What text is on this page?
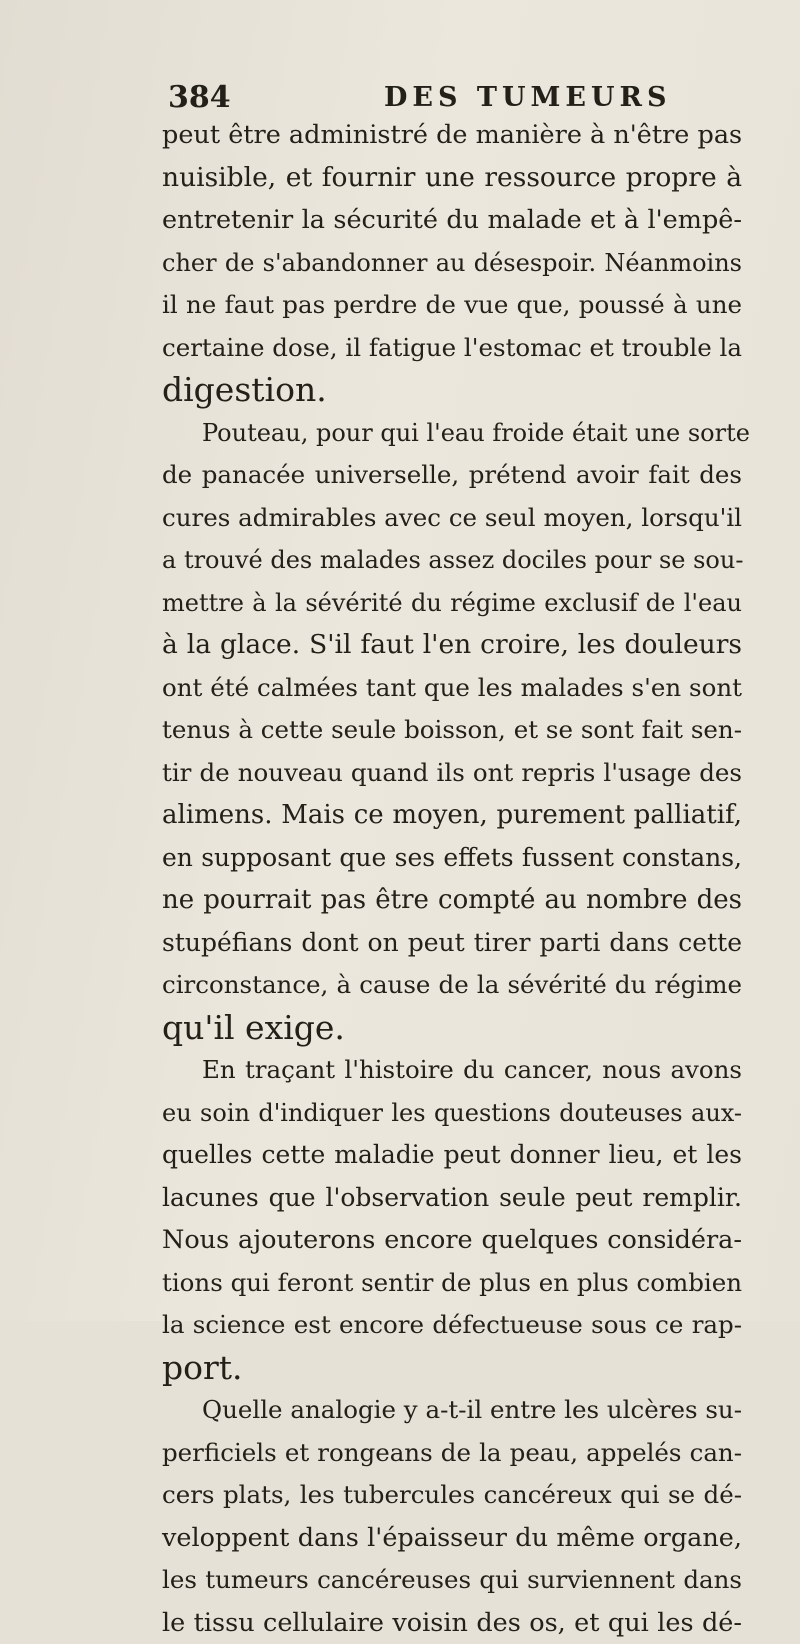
384	DES TUMEURS
peut être administré de manière à n'être pas
nuisible, et fournir une ressource propre à
entretenir la sécurité du malade et à l'empê-
cher de s'abandonner au désespoir. Néanmoins
il ne faut pas perdre de vue que, poussé à une
certaine dose, il fatigue l'estomac et trouble la
digestion.
Pouteau, pour qui l'eau froide était une sorte
de panacée universelle, prétend avoir fait des
cures admirables avec ce seul moyen, lorsqu'il
a trouvé des malades assez dociles pour se sou-
mettre à la sévérité du régime exclusif de l'eau
à la glace. S'il faut l'en croire, les douleurs
ont été calmées tant que les malades s'en sont
tenus à cette seule boisson, et se sont fait sen-
tir de nouveau quand ils ont repris l'usage des
alimens. Mais ce moyen, purement palliatif,
en supposant que ses effets fussent constans,
ne pourrait pas être compté au nombre des
stupéfians dont on peut tirer parti dans cette
circonstance, à cause de la sévérité du régime
qu'il exige.
En traçant l'histoire du cancer, nous avons
eu soin d'indiquer les questions douteuses aux-
quelles cette maladie peut donner lieu, et les
lacunes que l'observation seule peut remplir.
Nous ajouterons encore quelques considéra-
tions qui feront sentir de plus en plus combien
la science est encore défectueuse sous ce rap-
port.
Quelle analogie y a-t-il entre les ulcères su-
perficiels et rongeans de la peau, appelés can-
cers plats, les tubercules cancéreux qui se dé-
veloppent dans l'épaisseur du même organe,
les tumeurs cancéreuses qui surviennent dans
le tissu cellulaire voisin des os, et qui les dé-
